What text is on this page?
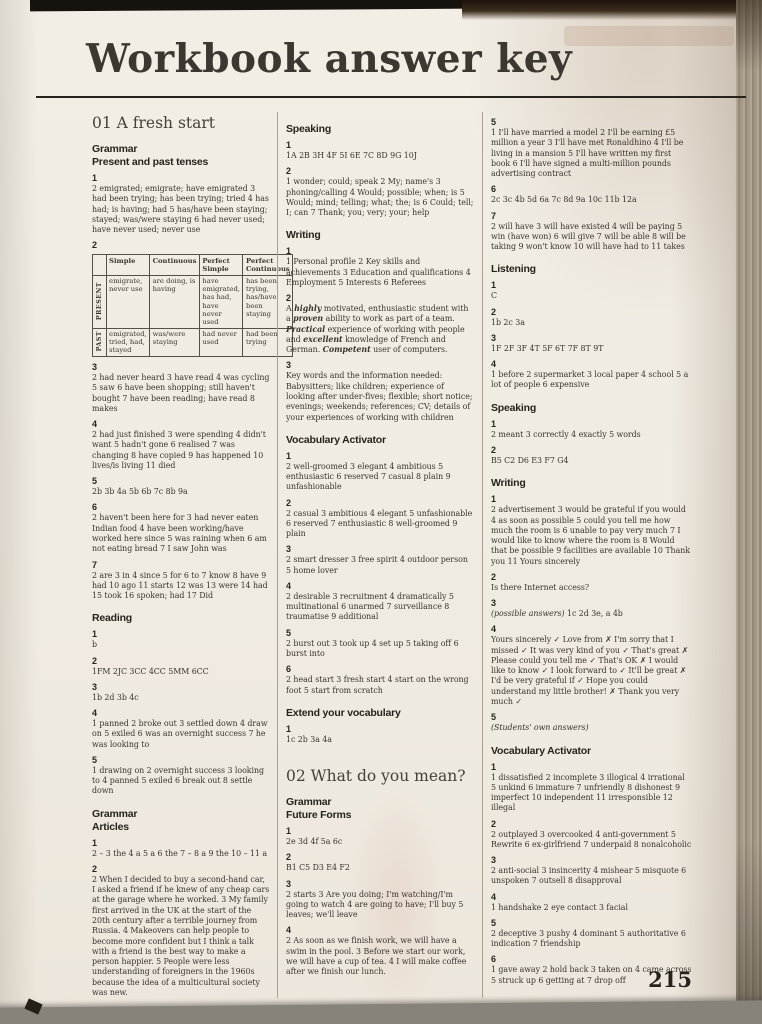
Workbook answer key
01 A fresh start
Grammar
Present and past tenses
1
2 emigrated; emigrate; have emigrated 3 had been trying; has been trying; tried 4 has had; is having; had 5 has/have been staying; stayed; was/were staying 6 had never used; have never used; never use
2
	Simple	Continuous	Perfect Simple	Perfect Continuous
PRESENT	emigrate, never use	are doing, is having	have emigrated, has had, have never used	has been trying, has/have been staying
PAST	emigrated, tried, had, stayed	was/were staying	had never used	had been trying
3
2 had never heard 3 have read 4 was cycling 5 saw 6 have been shopping; still haven't bought 7 have been reading; have read 8 makes
4
2 had just finished 3 were spending 4 didn't want 5 hadn't gone 6 realised 7 was changing 8 have copied 9 has happened 10 lives/is living 11 died
5
2b 3b 4a 5b 6b 7c 8b 9a
6
2 haven't been here for 3 had never eaten Indian food 4 have been working/have worked here since 5 was raining when 6 am not eating bread 7 I saw John was
7
2 are 3 in 4 since 5 for 6 to 7 know 8 have 9 had 10 ago 11 starts 12 was 13 were 14 had 15 took 16 spoken; had 17 Did
Reading
1
b
2
1FM 2JC 3CC 4CC 5MM 6CC
3
1b 2d 3b 4c
4
1 panned 2 broke out 3 settled down 4 draw on 5 exiled 6 was an overnight success 7 he was looking to
5
1 drawing on 2 overnight success 3 looking to 4 panned 5 exiled 6 break out 8 settle down
Grammar
Articles
1
2 – 3 the 4 a 5 a 6 the 7 – 8 a 9 the 10 – 11 a
2
2 When I decided to buy a second-hand car, I asked a friend if he knew of any cheap cars at the garage where he worked. 3 My family first arrived in the UK at the start of the 20th century after a terrible journey from Russia. 4 Makeovers can help people to become more confident but I think a talk with a friend is the best way to make a person happier. 5 People were less understanding of foreigners in the 1960s because the idea of a multicultural society was new.
Speaking
1
1A 2B 3H 4F 5I 6E 7C 8D 9G 10J
2
1 wonder; could; speak 2 My; name's 3 phoning/calling 4 Would; possible; when; is 5 Would; mind; telling; what; the; is 6 Could; tell; I; can 7 Thank; you; very; your; help
Writing
1
1 Personal profile 2 Key skills and achievements 3 Education and qualifications 4 Employment 5 Interests 6 Referees
2
A highly motivated, enthusiastic student with a proven ability to work as part of a team. Practical experience of working with people and excellent knowledge of French and German. Competent user of computers.
3
Key words and the information needed: Babysitters; like children; experience of looking after under-fives; flexible; short notice; evenings; weekends; references; CV; details of your experiences of working with children
Vocabulary Activator
1
2 well-groomed 3 elegant 4 ambitious 5 enthusiastic 6 reserved 7 casual 8 plain 9 unfashionable
2
2 casual 3 ambitious 4 elegant 5 unfashionable 6 reserved 7 enthusiastic 8 well-groomed 9 plain
3
2 smart dresser 3 free spirit 4 outdoor person 5 home lover
4
2 desirable 3 recruitment 4 dramatically 5 multinational 6 unarmed 7 surveillance 8 traumatise 9 additional
5
2 burst out 3 took up 4 set up 5 taking off 6 burst into
6
2 head start 3 fresh start 4 start on the wrong foot 5 start from scratch
Extend your vocabulary
1
1c 2b 3a 4a
02 What do you mean?
Grammar
Future Forms
1
2e 3d 4f 5a 6c
2
B1 C5 D3 E4 F2
3
2 starts 3 Are you doing; I'm watching/I'm going to watch 4 are going to have; I'll buy 5 leaves; we'll leave
4
2 As soon as we finish work, we will have a swim in the pool. 3 Before we start our work, we will have a cup of tea. 4 I will make coffee after we finish our lunch.
5
1 I'll have married a model 2 I'll be earning £5 million a year 3 I'll have met Ronaldhino 4 I'll be living in a mansion 5 I'll have written my first book 6 I'll have signed a multi-million pounds advertising contract
6
2c 3c 4b 5d 6a 7c 8d 9a 10c 11b 12a
7
2 will have 3 will have existed 4 will be paying 5 win (have won) 6 will give 7 will be able 8 will be taking 9 won't know 10 will have had to 11 takes
Listening
1
C
2
1b 2c 3a
3
1F 2F 3F 4T 5F 6T 7F 8T 9T
4
1 before 2 supermarket 3 local paper 4 school 5 a lot of people 6 expensive
Speaking
1
2 meant 3 correctly 4 exactly 5 words
2
B5 C2 D6 E3 F7 G4
Writing
1
2 advertisement 3 would be grateful if you would 4 as soon as possible 5 could you tell me how much the room is 6 unable to pay very much 7 I would like to know where the room is 8 Would that be possible 9 facilities are available 10 Thank you 11 Yours sincerely
2
Is there Internet access?
3
(possible answers) 1c 2d 3e, a 4b
4
Yours sincerely ✓ Love from ✗ I'm sorry that I missed ✓ It was very kind of you ✓ That's great ✗ Please could you tell me ✓ That's OK ✗ I would like to know ✓ I look forward to ✓ It'll be great ✗ I'd be very grateful if ✓ Hope you could understand my little brother! ✗ Thank you very much ✓
5
(Students' own answers)
Vocabulary Activator
1
1 dissatisfied 2 incomplete 3 illogical 4 irrational 5 unkind 6 immature 7 unfriendly 8 dishonest 9 imperfect 10 independent 11 irresponsible 12 illegal
2
2 outplayed 3 overcooked 4 anti-government 5 Rewrite 6 ex-girlfriend 7 underpaid 8 nonalcoholic
3
2 anti-social 3 insincerity 4 mishear 5 misquote 6 unspoken 7 outsell 8 disapproval
4
1 handshake 2 eye contact 3 facial
5
2 deceptive 3 pushy 4 dominant 5 authoritative 6 indication 7 friendship
6
1 gave away 2 hold back 3 taken on 4 came across 5 struck up 6 getting at 7 drop off	215
